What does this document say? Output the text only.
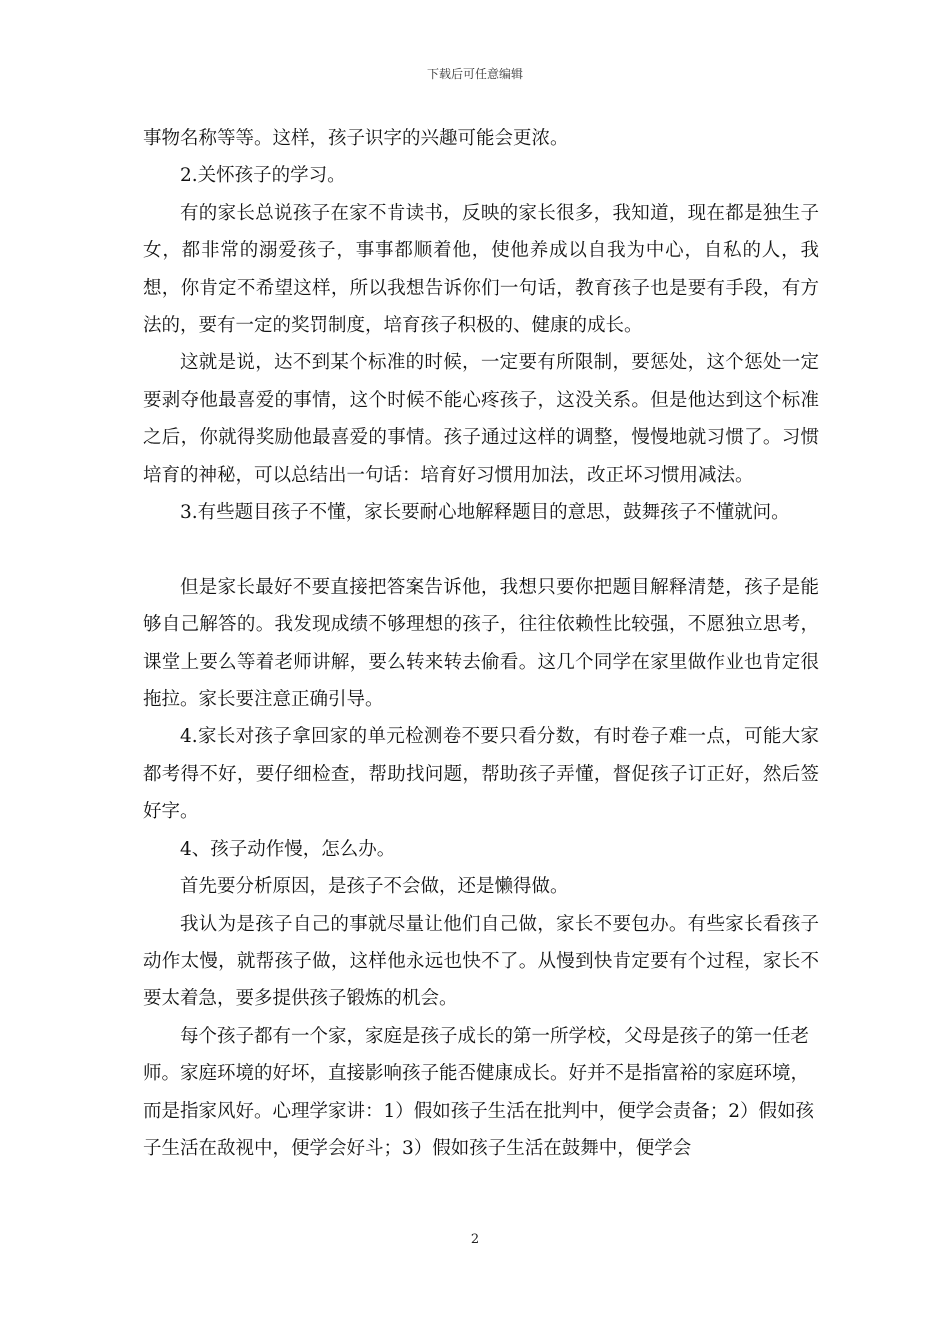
下载后可任意编辑

事物名称等等。这样，孩子识字的兴趣可能会更浓。

2.关怀孩子的学习。

有的家长总说孩子在家不肯读书，反映的家长很多，我知道，现在都是独生子女，都非常的溺爱孩子，事事都顺着他，使他养成以自我为中心，自私的人，我想，你肯定不希望这样，所以我想告诉你们一句话，教育孩子也是要有手段，有方法的，要有一定的奖罚制度，培育孩子积极的、健康的成长。

这就是说，达不到某个标准的时候，一定要有所限制，要惩处，这个惩处一定要剥夺他最喜爱的事情，这个时候不能心疼孩子，这没关系。但是他达到这个标准之后，你就得奖励他最喜爱的事情。孩子通过这样的调整，慢慢地就习惯了。习惯培育的神秘，可以总结出一句话：培育好习惯用加法，改正坏习惯用减法。

3.有些题目孩子不懂，家长要耐心地解释题目的意思，鼓舞孩子不懂就问。

但是家长最好不要直接把答案告诉他，我想只要你把题目解释清楚，孩子是能够自己解答的。我发现成绩不够理想的孩子，往往依赖性比较强，不愿独立思考，课堂上要么等着老师讲解，要么转来转去偷看。这几个同学在家里做作业也肯定很拖拉。家长要注意正确引导。

4.家长对孩子拿回家的单元检测卷不要只看分数，有时卷子难一点，可能大家都考得不好，要仔细检查，帮助找问题，帮助孩子弄懂，督促孩子订正好，然后签好字。

4、孩子动作慢，怎么办。

首先要分析原因，是孩子不会做，还是懒得做。

我认为是孩子自己的事就尽量让他们自己做，家长不要包办。有些家长看孩子动作太慢，就帮孩子做，这样他永远也快不了。从慢到快肯定要有个过程，家长不要太着急，要多提供孩子锻炼的机会。

每个孩子都有一个家，家庭是孩子成长的第一所学校，父母是孩子的第一任老师。家庭环境的好坏，直接影响孩子能否健康成长。好并不是指富裕的家庭环境，而是指家风好。心理学家讲：1）假如孩子生活在批判中，便学会责备；2）假如孩子生活在敌视中，便学会好斗；3）假如孩子生活在鼓舞中，便学会

2
